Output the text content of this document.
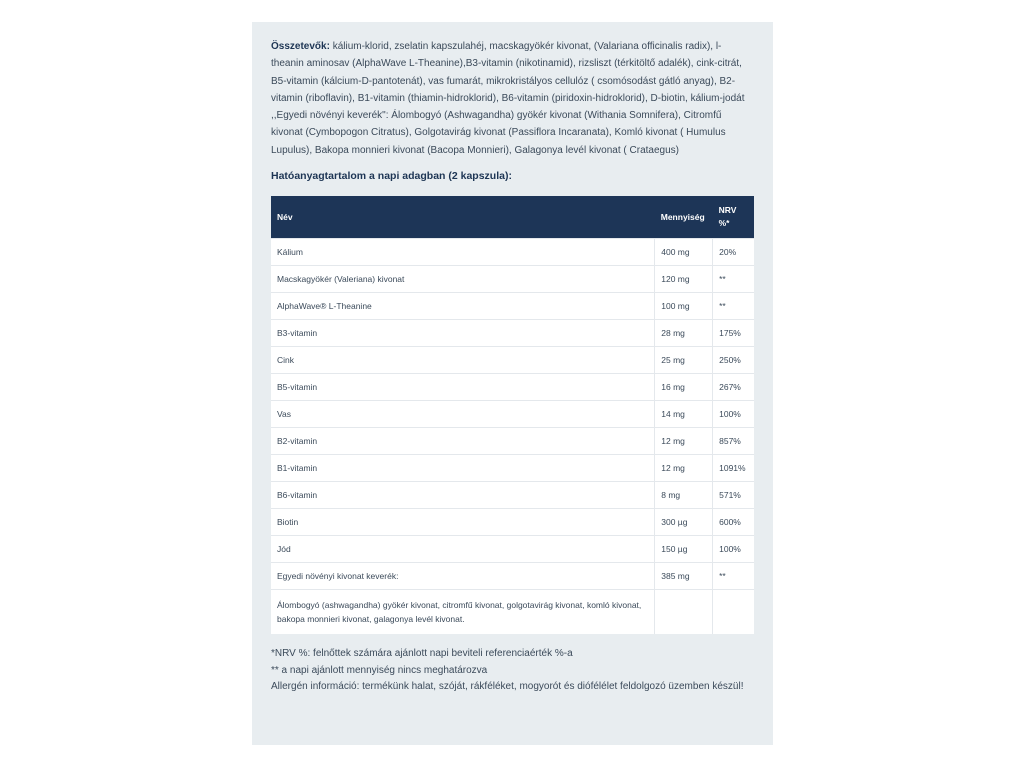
Összetevők: kálium-klorid, zselatin kapszulahéj, macskagyökér kivonat, (Valariana officinalis radix), l-theanin aminosav (AlphaWave L-Theanine),B3-vitamin (nikotinamid), rizsliszt (térkitöltő adalék), cink-citrát, B5-vitamin (kálcium-D-pantotenát), vas fumarát, mikrokristályos cellulóz ( csomósodást gátló anyag), B2-vitamin (riboflavin), B1-vitamin (thiamin-hidroklorid), B6-vitamin (piridoxin-hidroklorid), D-biotin, kálium-jodát ,,Egyedi növényi keverék": Álombogyó (Ashwagandha) gyökér kivonat (Withania Somnifera), Citromfű kivonat (Cymbopogon Citratus), Golgotavirág kivonat (Passiflora Incaranata), Komló kivonat ( Humulus Lupulus), Bakopa monnieri kivonat (Bacopa Monnieri), Galagonya levél kivonat ( Crataegus)

Hatóanyagtartalom a napi adagban (2 kapszula):
Név	Mennyiség	NRV %*
Kálium	400 mg	20%
Macskagyökér (Valeriana) kivonat	120 mg	**
AlphaWave® L-Theanine	100 mg	**
B3-vitamin	28 mg	175%
Cink	25 mg	250%
B5-vitamin	16 mg	267%
Vas	14 mg	100%
B2-vitamin	12 mg	857%
B1-vitamin	12 mg	1091%
B6-vitamin	8 mg	571%
Biotin	300 µg	600%
Jód	150 µg	100%
Egyedi növényi kivonat keverék:	385 mg	**
Álombogyó (ashwagandha) gyökér kivonat, citromfű kivonat, golgotavirág kivonat, komló kivonat, bakopa monnieri kivonat, galagonya levél kivonat.		
*NRV %: felnőttek számára ajánlott napi beviteli referenciaérték %-a
** a napi ajánlott mennyiség nincs meghatározva
Allergén információ: termékünk halat, szóját, rákféléket, mogyorót és diófélélet feldolgozó üzemben készül!
